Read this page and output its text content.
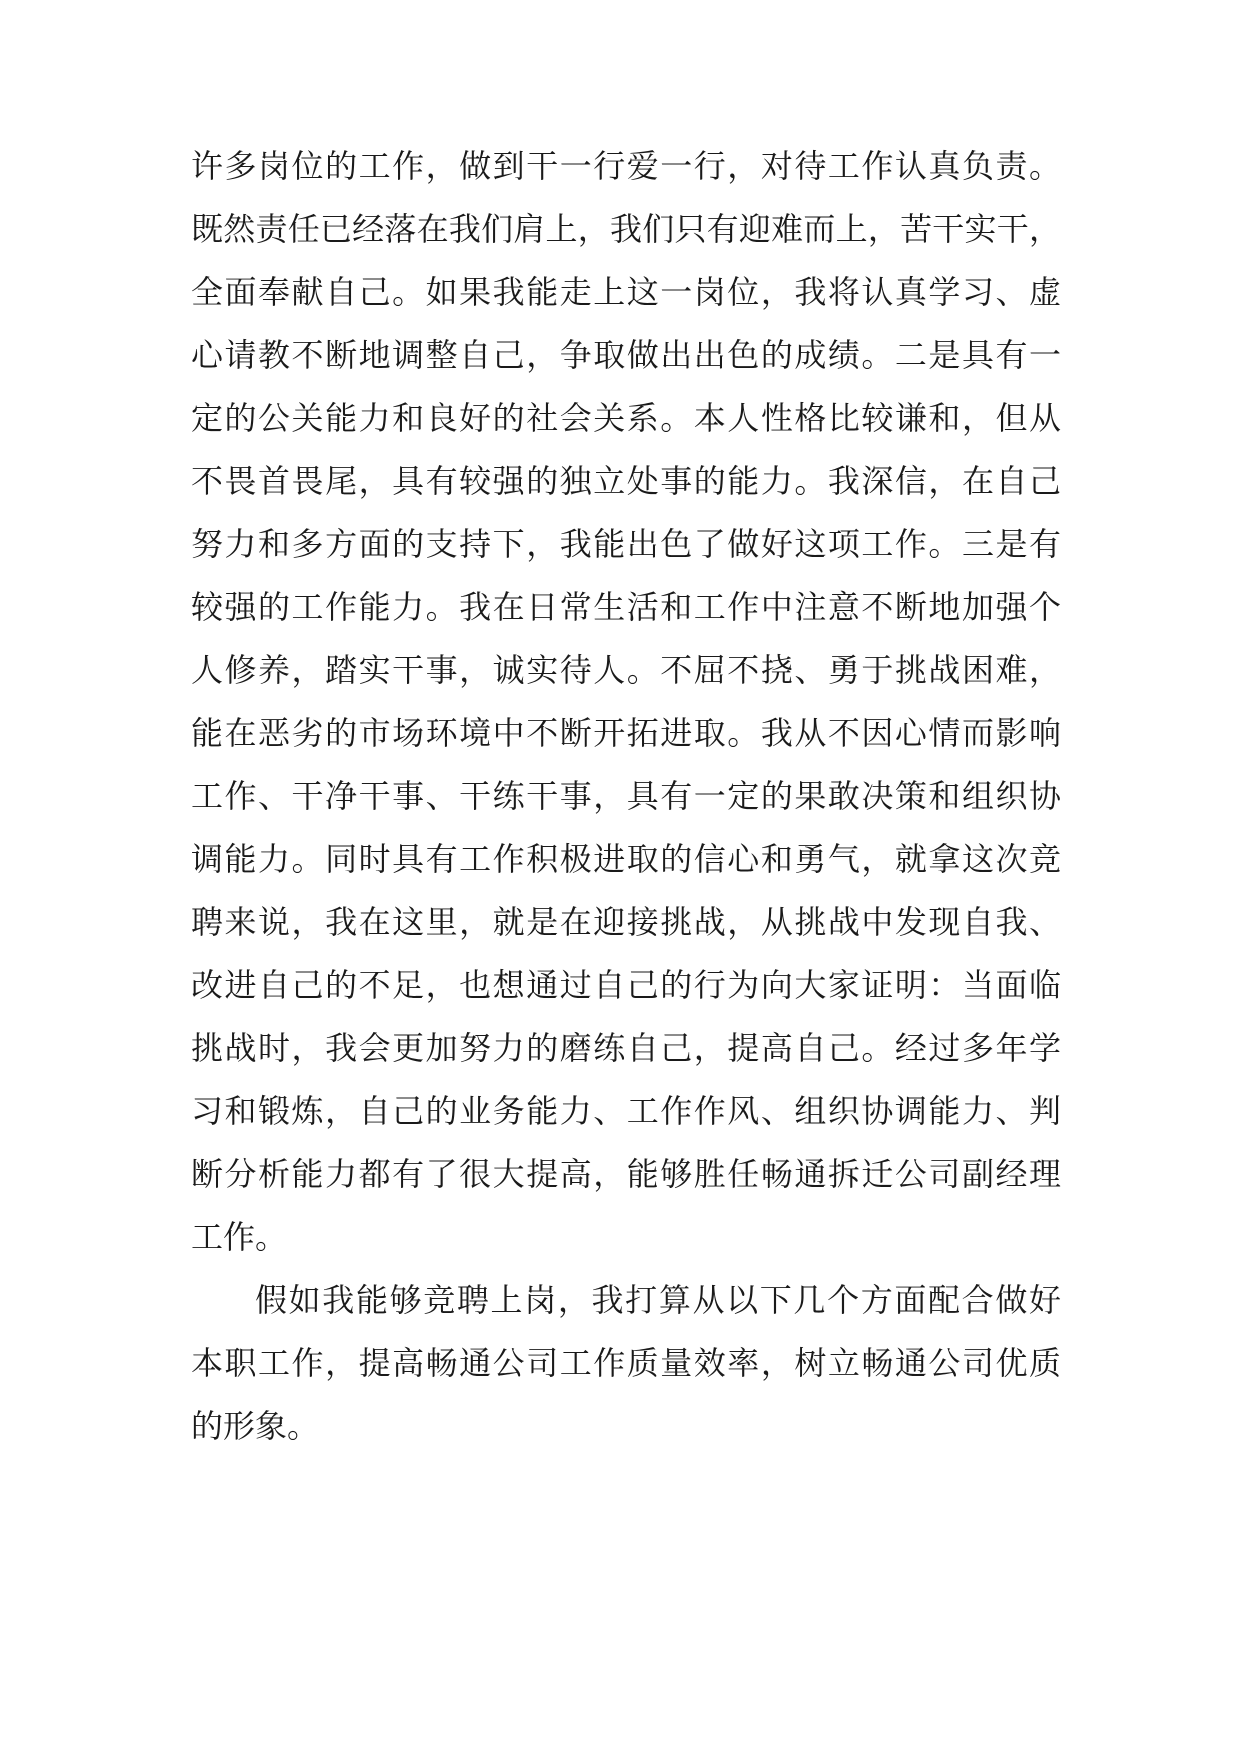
许多岗位的工作，做到干一行爱一行，对待工作认真负责。
既然责任已经落在我们肩上，我们只有迎难而上，苦干实干，
全面奉献自己。如果我能走上这一岗位，我将认真学习、虚
心请教不断地调整自己，争取做出出色的成绩。二是具有一
定的公关能力和良好的社会关系。本人性格比较谦和，但从
不畏首畏尾，具有较强的独立处事的能力。我深信，在自己
努力和多方面的支持下，我能出色了做好这项工作。三是有
较强的工作能力。我在日常生活和工作中注意不断地加强个
人修养，踏实干事，诚实待人。不屈不挠、勇于挑战困难，
能在恶劣的市场环境中不断开拓进取。我从不因心情而影响
工作、干净干事、干练干事，具有一定的果敢决策和组织协
调能力。同时具有工作积极进取的信心和勇气，就拿这次竞
聘来说，我在这里，就是在迎接挑战，从挑战中发现自我、
改进自己的不足，也想通过自己的行为向大家证明：当面临
挑战时，我会更加努力的磨练自己，提高自己。经过多年学
习和锻炼，自己的业务能力、工作作风、组织协调能力、判
断分析能力都有了很大提高，能够胜任畅通拆迁公司副经理
工作。
假如我能够竞聘上岗，我打算从以下几个方面配合做好
本职工作，提高畅通公司工作质量效率，树立畅通公司优质
的形象。
